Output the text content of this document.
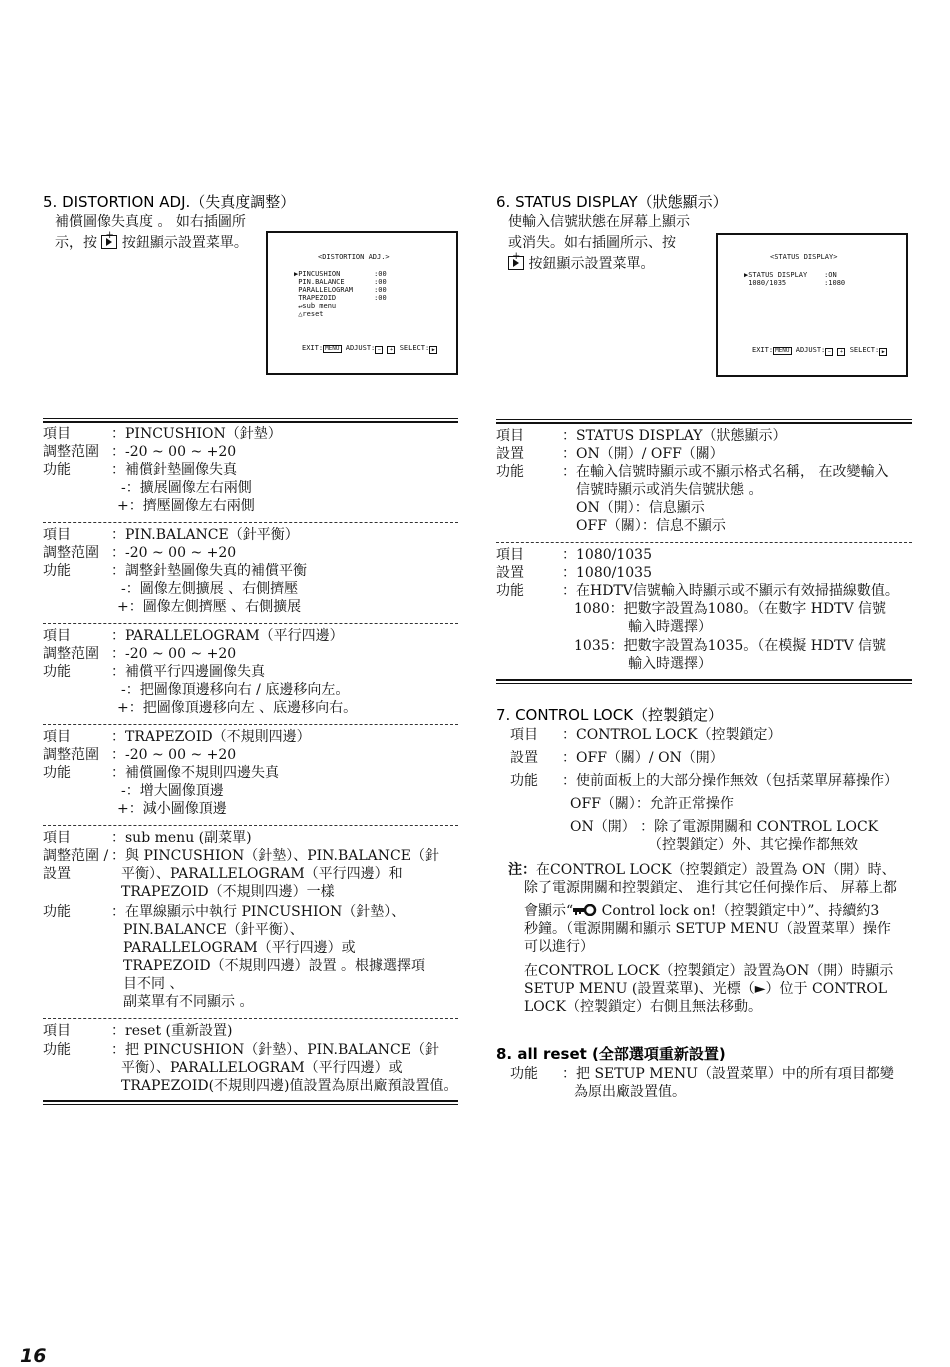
5. DISTORTION ADJ.（失真度調整）
補償圖像失真度 。 如右插圖所
示，按 + 按鈕顯示設置菜單。
<DISTORTION ADJ.>
▶PINCUSHION        :00
PIN.BALANCE       :00
PARALLELOGRAM     :00
TRAPEZOID         :00
↵sub menu
△reset
EXIT: MENU ADJUST: − + SELECT: ▶
項目	：PINCUSHION（針墊）
調整范圍 ：-20 ~ 00 ~ +20
功能	：補償針墊圖像失真
-：擴展圖像左右兩側
+：擠壓圖像左右兩側
項目	：PIN.BALANCE（針平衡）
調整范圍 ：-20 ~ 00 ~ +20
功能	：調整針墊圖像失真的補償平衡
-：圖像左側擴展 、右側擠壓
+：圖像左側擠壓 、右側擴展
項目	：PARALLELOGRAM（平行四邊）
調整范圍 ：-20 ~ 00 ~ +20
功能	：補償平行四邊圖像失真
-：把圖像頂邊移向右 / 底邊移向左。
+：把圖像頂邊移向左 、底邊移向右。
項目	：TRAPEZOID（不規則四邊）
調整范圍 ：-20 ~ 00 ~ +20
功能	：補償圖像不規則四邊失真
-：增大圖像頂邊
+：減小圖像頂邊
項目	：sub menu (副菜單)
調整范圍 / ：與 PINCUSHION（針墊）、PIN.BALANCE（針
設置	平衡）、PARALLELOGRAM（平行四邊）和
TRAPEZOID（不規則四邊）一樣
功能	：在單線顯示中執行 PINCUSHION（針墊）、
PIN.BALANCE（針平衡）、
PARALLELOGRAM（平行四邊）或
TRAPEZOID（不規則四邊）設置 。根據選擇項
目不同 、
副菜單有不同顯示 。
項目	：reset (重新設置)
功能	：把 PINCUSHION（針墊）、PIN.BALANCE（針
平衡）、PARALLELOGRAM（平行四邊）或
TRAPEZOID(不規則四邊)值設置為原出廠預設置值。
6. STATUS DISPLAY（狀態顯示）
使輸入信號狀態在屏幕上顯示
或消失。如右插圖所示、按
+ 按鈕顯示設置菜單。	<STATUS DISPLAY>
▶STATUS DISPLAY    :ON
1080/1035         :1080
EXIT: MENU ADJUST: − + SELECT: ▶
項目	：STATUS DISPLAY（狀態顯示）
設置	：ON（開）/ OFF（關）
功能	：在輸入信號時顯示或不顯示格式名稱， 在改變輸入
信號時顯示或消失信號狀態 。
ON（開）：信息顯示
OFF（關）：信息不顯示
項目	：1080/1035
設置	：1080/1035
功能	：在HDTV信號輸入時顯示或不顯示有效掃描線數值。
1080：把數字設置為1080。（在數字 HDTV 信號
輸入時選擇）
1035：把數字設置為1035。（在模擬 HDTV 信號
輸入時選擇）
7. CONTROL LOCK（控製鎖定）
項目 ：CONTROL LOCK（控製鎖定）
設置 ：OFF（關）/ ON（開）
功能 ：使前面板上的大部分操作無效（包括菜單屏幕操作）
OFF（關）：允許正常操作
ON（開） ：除了電源開關和 CONTROL LOCK
（控製鎖定）外、其它操作都無效
注：在CONTROL LOCK（控製鎖定）設置為 ON（開）時、
除了電源開關和控製鎖定、 進行其它任何操作后、 屏幕上都
會顯示“ Control lock on!（控製鎖定中）”、持續約3
秒鐘。（電源開關和顯示 SETUP MENU（設置菜單）操作
可以進行）
在CONTROL LOCK（控製鎖定）設置為ON（開）時顯示
SETUP MENU (設置菜單)、光標（►）位于 CONTROL
LOCK（控製鎖定）右側且無法移動。
8. all reset (全部選項重新設置)
功能 ：把 SETUP MENU（設置菜單）中的所有項目都變
為原出廠設置值。
16
